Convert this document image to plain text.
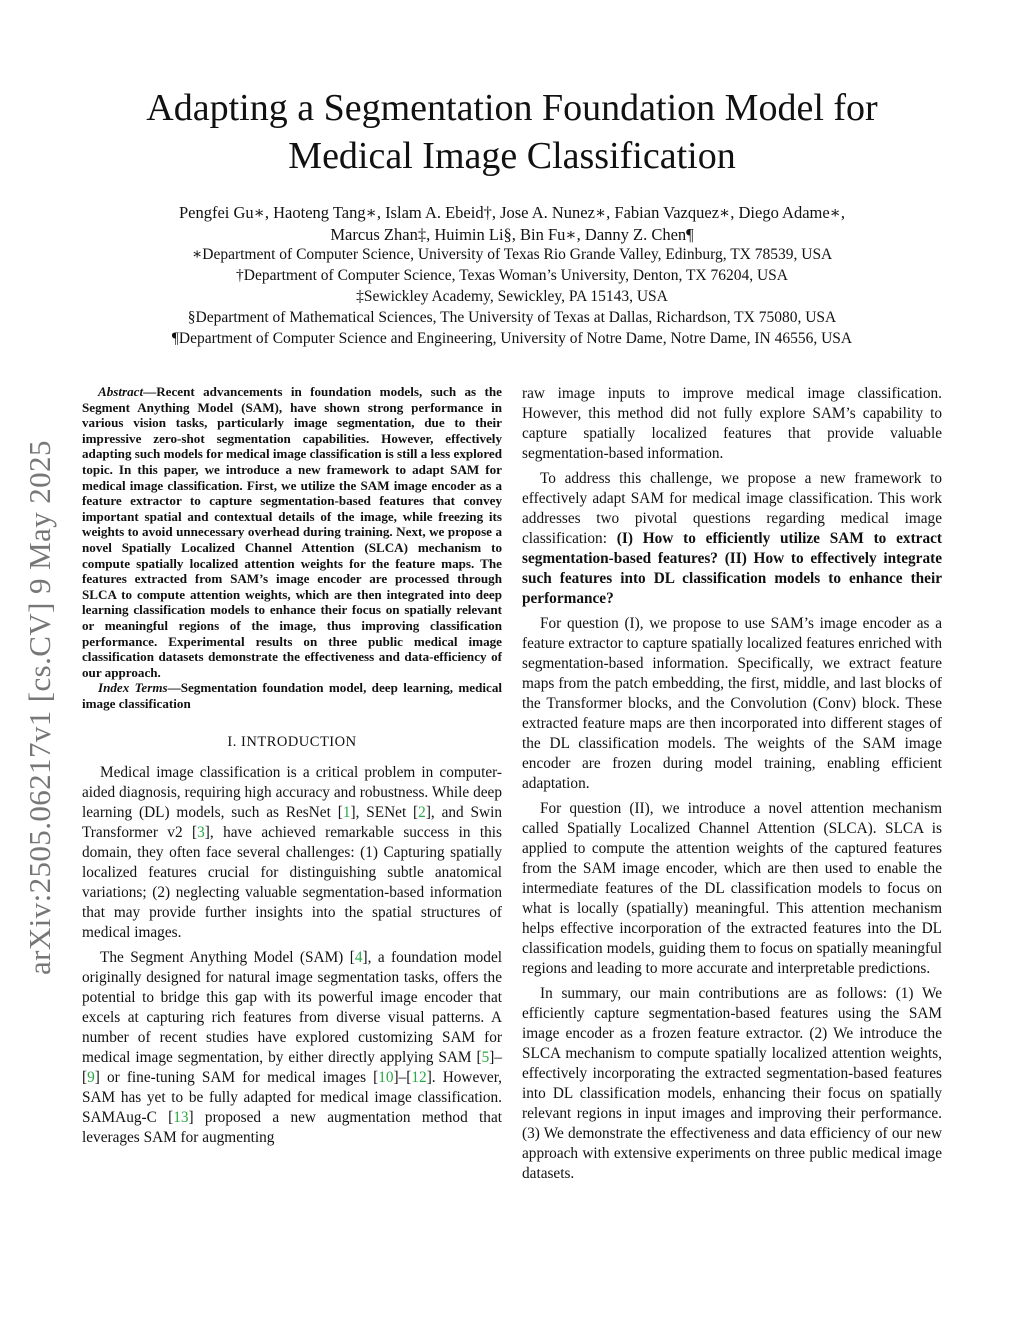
Adapting a Segmentation Foundation Model for
Medical Image Classification
Pengfei Gu∗, Haoteng Tang∗, Islam A. Ebeid†, Jose A. Nunez∗, Fabian Vazquez∗, Diego Adame∗,
Marcus Zhan‡, Huimin Li§, Bin Fu∗, Danny Z. Chen¶
∗Department of Computer Science, University of Texas Rio Grande Valley, Edinburg, TX 78539, USA
†Department of Computer Science, Texas Woman’s University, Denton, TX 76204, USA
‡Sewickley Academy, Sewickley, PA 15143, USA
§Department of Mathematical Sciences, The University of Texas at Dallas, Richardson, TX 75080, USA
¶Department of Computer Science and Engineering, University of Notre Dame, Notre Dame, IN 46556, USA
arXiv:2505.06217v1 [cs.CV] 9 May 2025

Abstract—Recent advancements in foundation models, such as the Segment Anything Model (SAM), have shown strong performance in various vision tasks, particularly image segmentation, due to their impressive zero-shot segmentation capabilities. However, effectively adapting such models for medical image classification is still a less explored topic. In this paper, we introduce a new framework to adapt SAM for medical image classification. First, we utilize the SAM image encoder as a feature extractor to capture segmentation-based features that convey important spatial and contextual details of the image, while freezing its weights to avoid unnecessary overhead during training. Next, we propose a novel Spatially Localized Channel Attention (SLCA) mechanism to compute spatially localized attention weights for the feature maps. The features extracted from SAM’s image encoder are processed through SLCA to compute attention weights, which are then integrated into deep learning classification models to enhance their focus on spatially relevant or meaningful regions of the image, thus improving classification performance. Experimental results on three public medical image classification datasets demonstrate the effectiveness and data-efficiency of our approach.

Index Terms—Segmentation foundation model, deep learning, medical image classification

I. INTRODUCTION

Medical image classification is a critical problem in computer-aided diagnosis, requiring high accuracy and robustness. While deep learning (DL) models, such as ResNet [1], SENet [2], and Swin Transformer v2 [3], have achieved remarkable success in this domain, they often face several challenges: (1) Capturing spatially localized features crucial for distinguishing subtle anatomical variations; (2) neglecting valuable segmentation-based information that may provide further insights into the spatial structures of medical images.

The Segment Anything Model (SAM) [4], a foundation model originally designed for natural image segmentation tasks, offers the potential to bridge this gap with its powerful image encoder that excels at capturing rich features from diverse visual patterns. A number of recent studies have explored customizing SAM for medical image segmentation, by either directly applying SAM [5]–[9] or fine-tuning SAM for medical images [10]–[12]. However, SAM has yet to be fully adapted for medical image classification. SAMAug-C [13] proposed a new augmentation method that leverages SAM for augmenting

raw image inputs to improve medical image classification. However, this method did not fully explore SAM’s capability to capture spatially localized features that provide valuable segmentation-based information.

To address this challenge, we propose a new framework to effectively adapt SAM for medical image classification. This work addresses two pivotal questions regarding medical image classification: (I) How to efficiently utilize SAM to extract segmentation-based features? (II) How to effectively integrate such features into DL classification models to enhance their performance?

For question (I), we propose to use SAM’s image encoder as a feature extractor to capture spatially localized features enriched with segmentation-based information. Specifically, we extract feature maps from the patch embedding, the first, middle, and last blocks of the Transformer blocks, and the Convolution (Conv) block. These extracted feature maps are then incorporated into different stages of the DL classification models. The weights of the SAM image encoder are frozen during model training, enabling efficient adaptation.

For question (II), we introduce a novel attention mechanism called Spatially Localized Channel Attention (SLCA). SLCA is applied to compute the attention weights of the captured features from the SAM image encoder, which are then used to enable the intermediate features of the DL classification models to focus on what is locally (spatially) meaningful. This attention mechanism helps effective incorporation of the extracted features into the DL classification models, guiding them to focus on spatially meaningful regions and leading to more accurate and interpretable predictions.

In summary, our main contributions are as follows: (1) We efficiently capture segmentation-based features using the SAM image encoder as a frozen feature extractor. (2) We introduce the SLCA mechanism to compute spatially localized attention weights, effectively incorporating the extracted segmentation-based features into DL classification models, enhancing their focus on spatially relevant regions in input images and improving their performance. (3) We demonstrate the effectiveness and data efficiency of our new approach with extensive experiments on three public medical image datasets.
